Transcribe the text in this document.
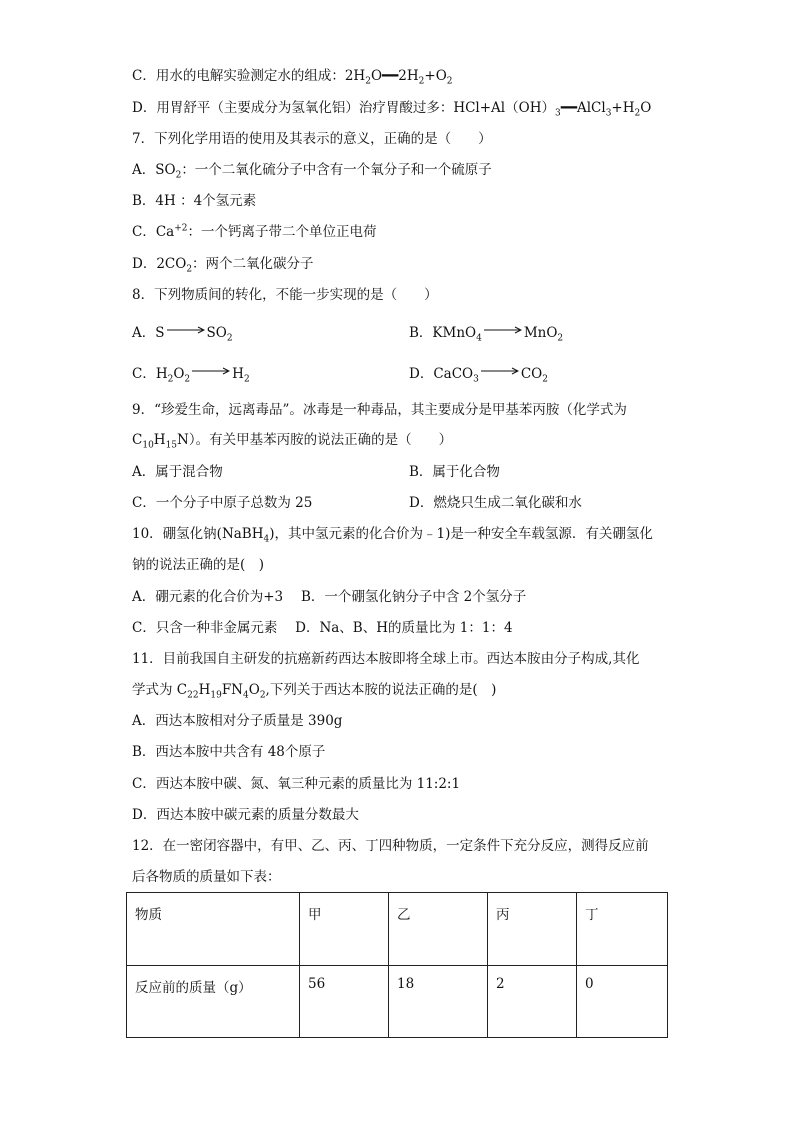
C．用水的电解实验测定水的组成：$2H_2O━━2H_2+O_2$
D．用胃舒平（主要成分为氢氧化铝）治疗胃酸过多：$HCl+Al(OH)_3━━AlCl_3+H_2O$
7．下列化学用语的使用及其表示的意义，正确的是（　　）
A．$SO_2$：一个二氧化硫分子中含有一个氧分子和一个硫原子
B．4H ：4个氢元素
C．$Ca^{+2}$：一个钙离子带二个单位正电荷
D．$2CO_2$：两个二氧化碳分子
8．下列物质间的转化，不能一步实现的是（　　）
A．$S \to SO_2$	B．KMnO$_4$ → MnO$_2$
C．$H_2O_2 \to H_2$	D．CaCO$_3$ → $CO_2$
9．“珍爱生命，远离毒品”。冰毒是一种毒品，其主要成分是甲基苯丙胺（化学式为
$C_{10}H_{15}N$）。有关甲基苯丙胺的说法正确的是（　　）
A．属于混合物	B．属于化合物
C．一个分子中原子总数为 25	D．燃烧只生成二氧化碳和水
10．硼氢化钠(NaBH$_4$)，其中氢元素的化合价为﹣1)是一种安全车载氢源．有关硼氢化
钠的说法正确的是(　)
A．硼元素的化合价为+3　 B．一个硼氢化钠分子中含 2个氢分子
C．只含一种非金属元素　 D．Na、B、H的质量比为 1：1：4
11．目前我国自主研发的抗癌新药西达本胺即将全球上市。西达本胺由分子构成,其化
学式为 $C_{22}H_{19}FN_4O_2$,下列关于西达本胺的说法正确的是(　)
A．西达本胺相对分子质量是 390g
B．西达本胺中共含有 48个原子
C．西达本胺中碳、氮、氧三种元素的质量比为 11:2:1
D．西达本胺中碳元素的质量分数最大
12．在一密闭容器中，有甲、乙、丙、丁四种物质，一定条件下充分反应，测得反应前
后各物质的质量如下表：
物质	甲	乙	丙	丁
反应前的质量（g）	56	18	2	0
